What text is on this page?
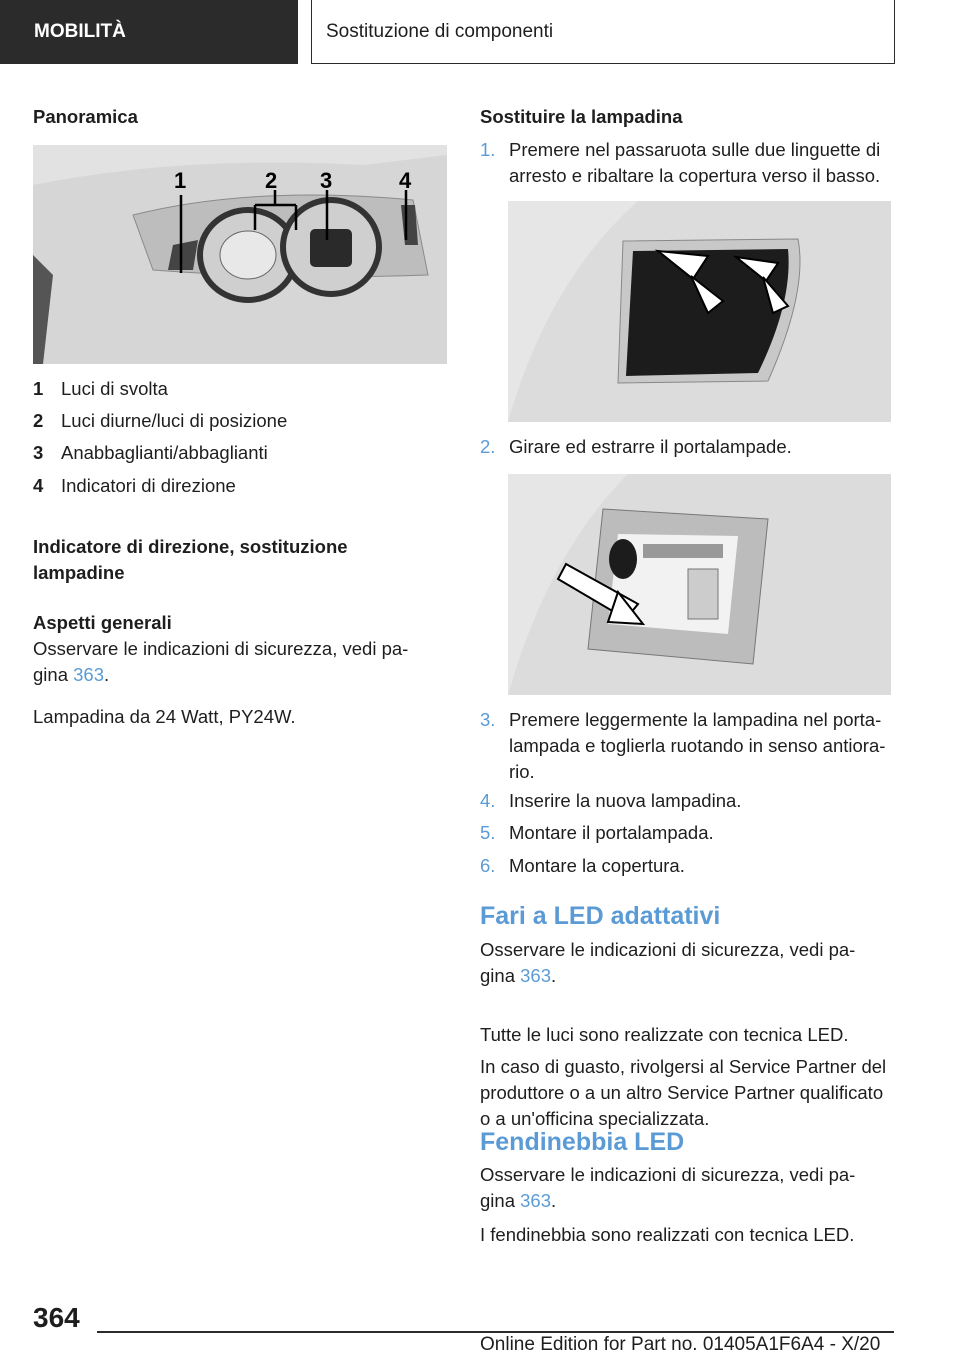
MOBILITÀ	Sostituzione di componenti
Panoramica
1	2 3	4
1 Luci di svolta
2 Luci diurne/luci di posizione
3 Anabbaglianti/abbaglianti
4 Indicatori di direzione
Indicatore di direzione, sostituzione
lampadine
Aspetti generali
Osservare le indicazioni di sicurezza, vedi pa-
gina 363.
Lampadina da 24 Watt, PY24W.
Sostituire la lampadina
1. Premere nel passaruota sulle due linguette di
arresto e ribaltare la copertura verso il basso.
2. Girare ed estrarre il portalampade.
3. Premere leggermente la lampadina nel porta-
lampada e toglierla ruotando in senso antiora-
rio.
4. Inserire la nuova lampadina.
5. Montare il portalampada.
6. Montare la copertura.
Fari a LED adattativi
Osservare le indicazioni di sicurezza, vedi pa-
gina 363.
Tutte le luci sono realizzate con tecnica LED.
In caso di guasto, rivolgersi al Service Partner del
produttore o a un altro Service Partner qualificato
o a un'officina specializzata.
Fendinebbia LED
Osservare le indicazioni di sicurezza, vedi pa-
gina 363.
I fendinebbia sono realizzati con tecnica LED.
364
Online Edition for Part no. 01405A1F6A4 - X/20
